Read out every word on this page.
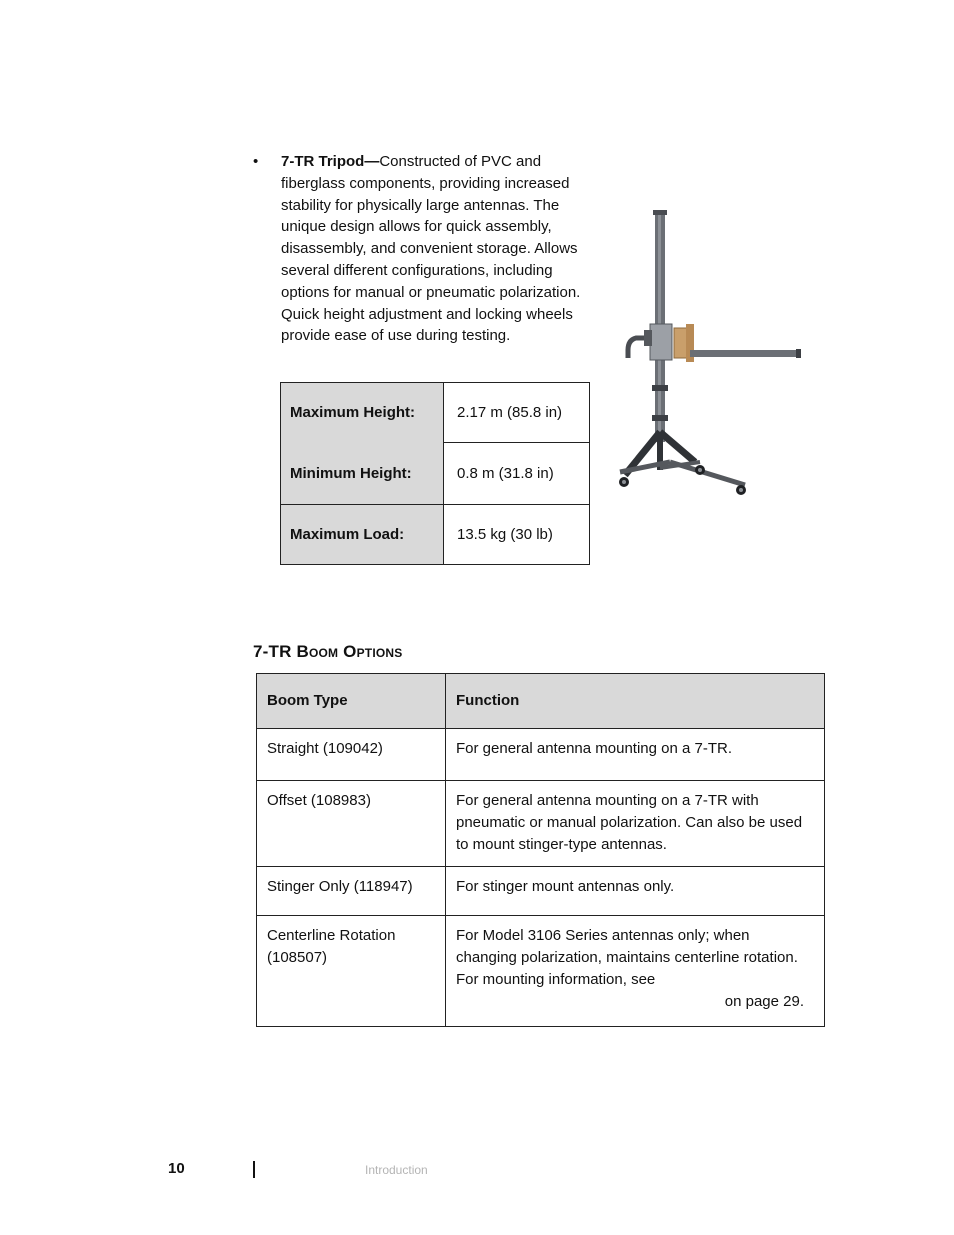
• 7-TR Tripod—Constructed of PVC and fiberglass components, providing increased stability for physically large antennas. The unique design allows for quick assembly, disassembly, and convenient storage. Allows several different configurations, including options for manual or pneumatic polarization. Quick height adjustment and locking wheels provide ease of use during testing.
Maximum Height:	2.17 m (85.8 in)
Minimum Height:	0.8 m (31.8 in)
Maximum Load:	13.5 kg (30 lb)
7-TR Boom Options
Boom Type	Function
Straight (109042)	For general antenna mounting on a 7-TR.
Offset (108983)	For general antenna mounting on a 7-TR with pneumatic or manual polarization. Can also be used to mount stinger-type antennas.
Stinger Only (118947)	For stinger mount antennas only.
Centerline Rotation (108507)	For Model 3106 Series antennas only; when changing polarization, maintains centerline rotation. For mounting information, see
on page 29.
10	Introduction
